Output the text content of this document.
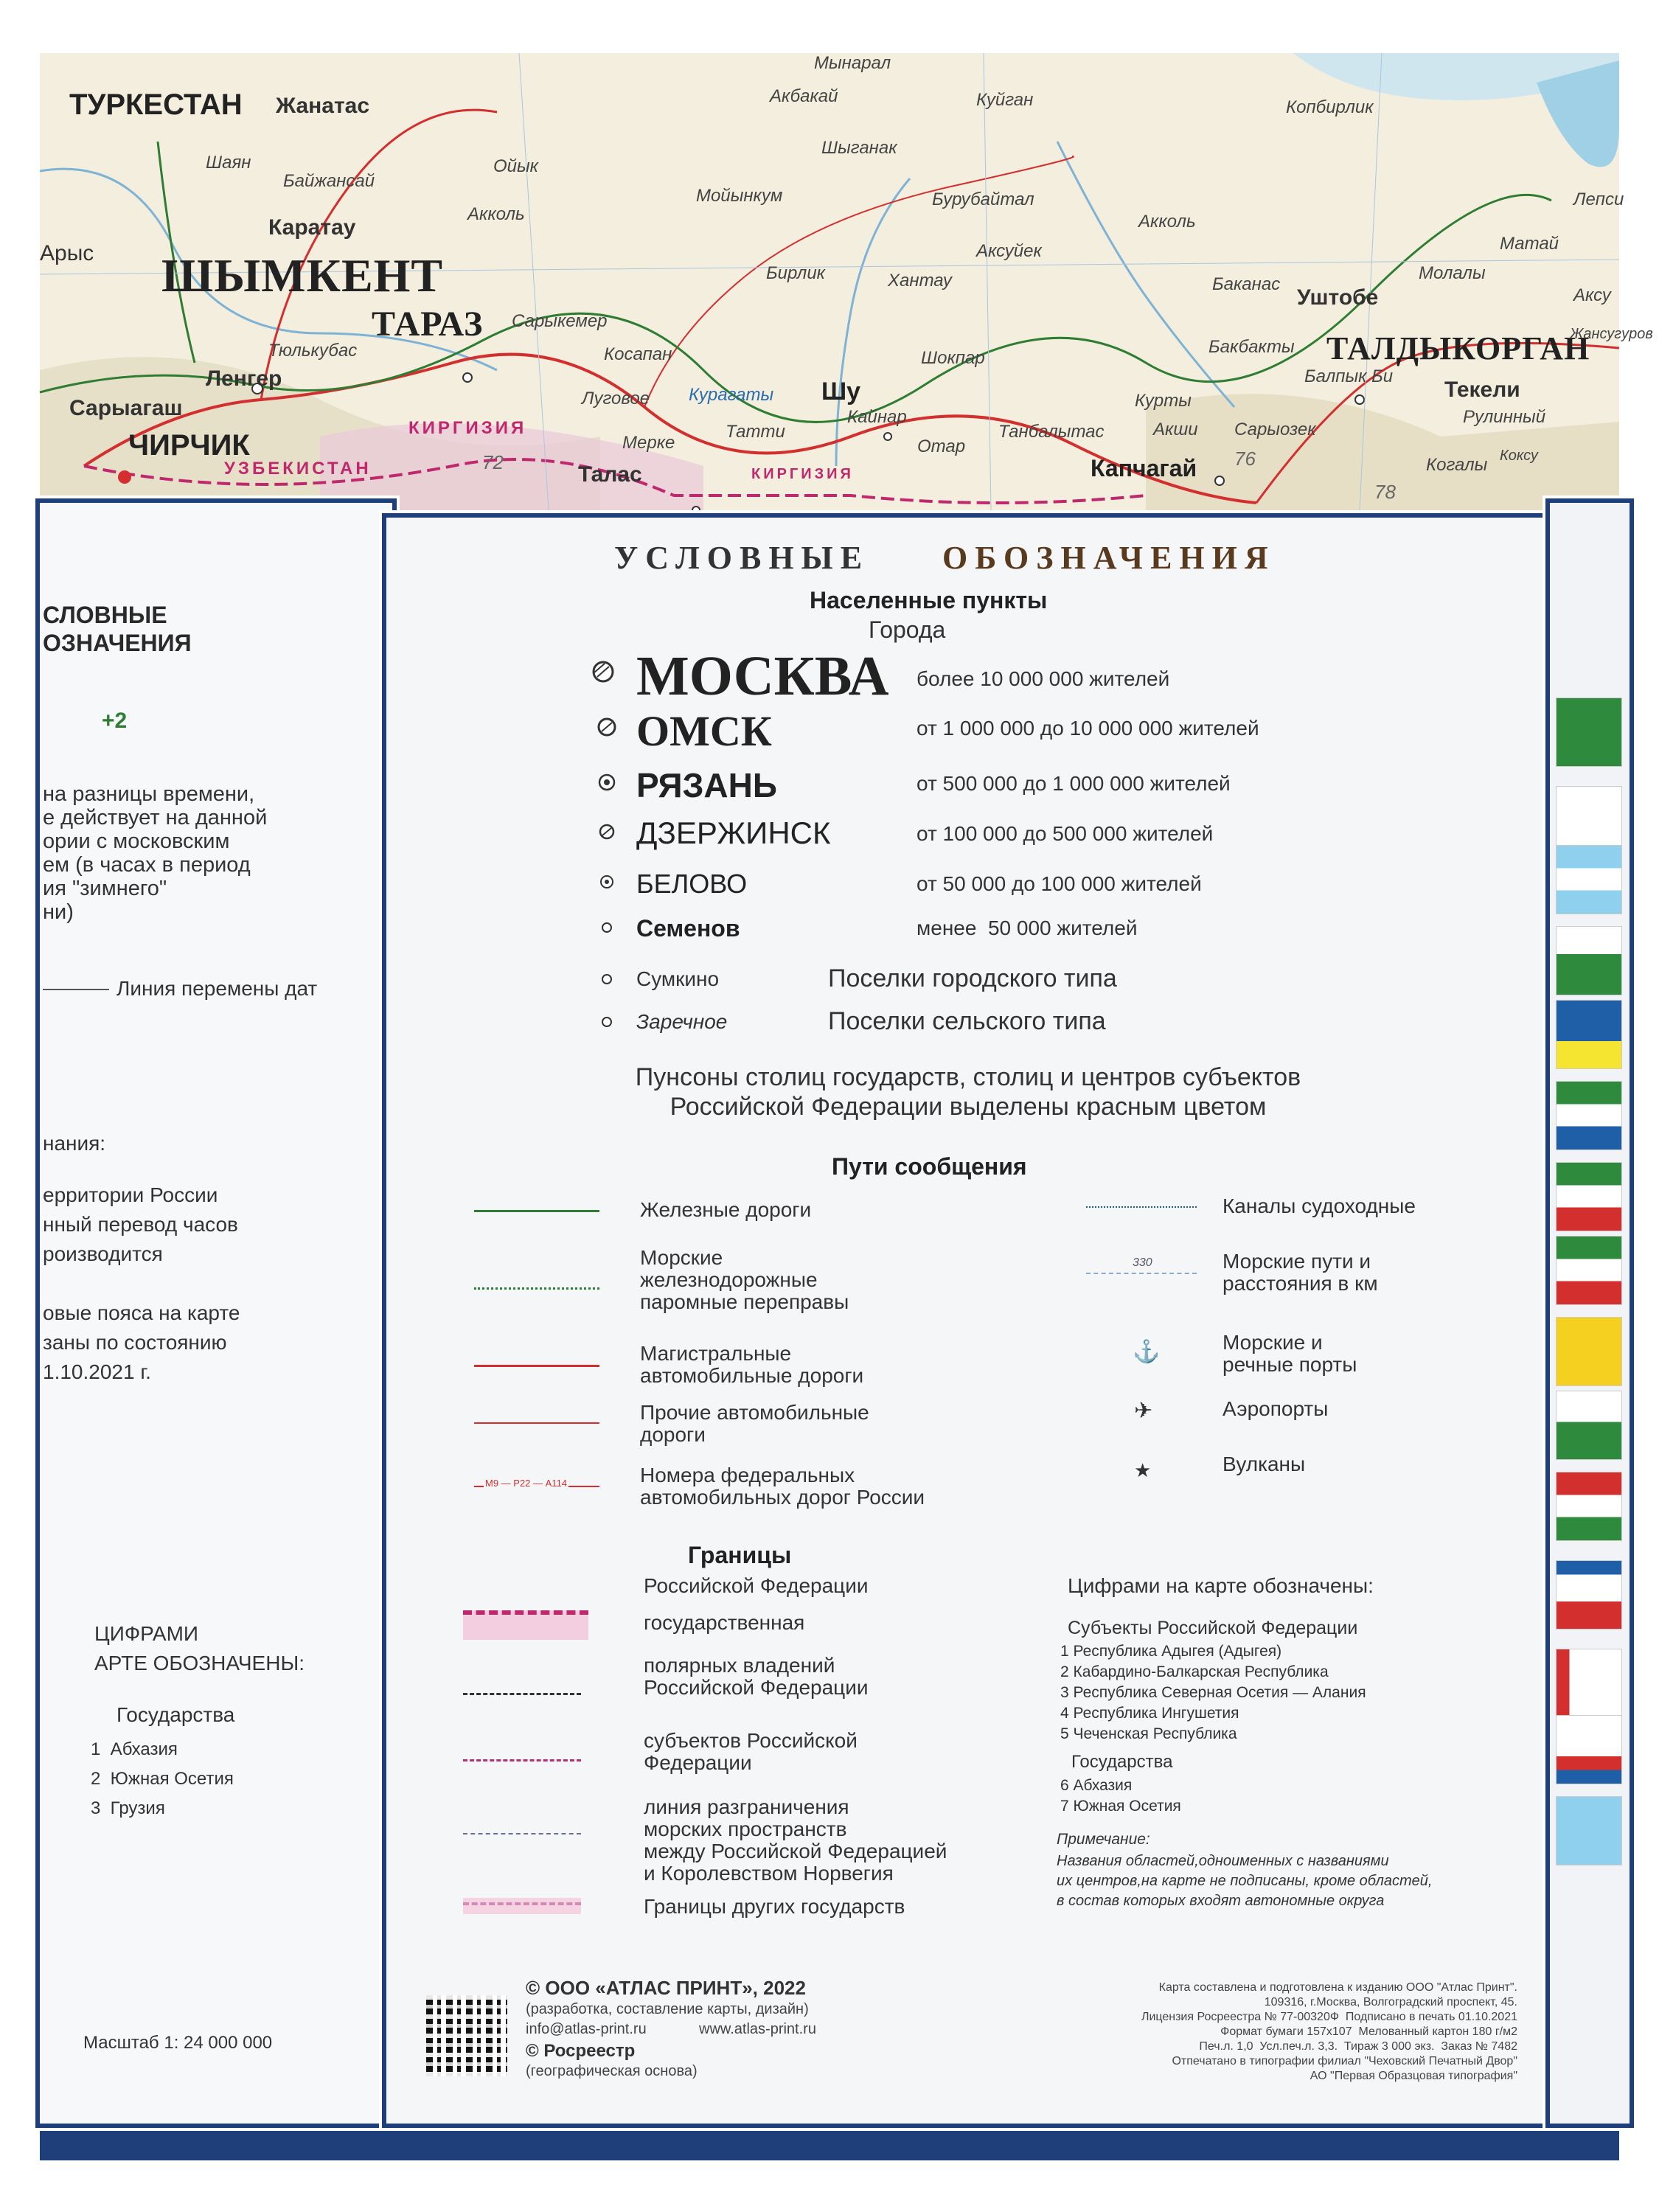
ТУРКЕСТАН Жанатас
Шаян
Байжансай
Ойык
Акколь
Каратау
Арыс ШЫМКЕНТ
ТАРАЗ
Тюлькубас
Сарыкемер
Косапан
Ленгер
Сарыагаш
ЧИРЧИК
КИРГИЗИЯ
УЗБЕКИСТАН
Луговое Курагаты
Мерке
Татти
Талас	КИРГИЗИЯ
Шу
Кайнар
Шокпар
Отар
Танбалытас	Акши Сарыозек
Курты
Капчагай
ТАЛДЫКОРГАН
Текели
Уштобе
Балпык Би
Бакбакты
Баканас
Хантау
Бирлик
Мойынкум
Аксуйек
Акколь
Шыганак
Акбакай
Мынарал
Копбирлик
Молалы
Матай
Лепси
Аксу
Жансугуров
Рулинный
Когалы Коксу
Бурубайтал
Куйган
72	76
78
СЛОВНЫЕ
ОЗНАЧЕНИЯ
+2
на разницы времени,
е действует на данной
ории с московским
ем (в часах в период
ия "зимнего"
ни)
Линия перемены дат
нания:
ерритории России
нный перевод часов
роизводится

овые пояса на карте
заны по состоянию
1.10.2021 г.
ЦИФРАМИ
АРТЕ ОБОЗНАЧЕНЫ:
Государства
1  Абхазия
2  Южная Осетия
3  Грузия
Масштаб 1: 24 000 000
УСЛОВНЫЕ ОБОЗНАЧЕНИЯ
Населенные пункты
Города
МОСКВА более 10 000 000 жителей
ОМСК	от 1 000 000 до 10 000 000 жителей
РЯЗАНЬ	от 500 000 до 1 000 000 жителей
ДЗЕРЖИНСК	от 100 000 до 500 000 жителей
БЕЛОВО	от 50 000 до 100 000 жителей
Семенов	менее  50 000 жителей
Сумкино	Поселки городского типа
Заречное	Поселки сельского типа
Пунсоны столиц государств, столиц и центров субъектов
Российской Федерации выделены красным цветом
Пути сообщения
М9 — Р22 — А114
Железные дороги
Морские
железнодорожные
паромные переправы
Магистральные
автомобильные дороги
Прочие автомобильные
дороги
Номера федеральных
автомобильных дорог России
330
⚓
✈
★
Каналы судоходные
Морские пути и
расстояния в км
Морские и
речные порты
Аэропорты
Вулканы
Границы
Российской Федерации
государственная
полярных владений
Российской Федерации
субъектов Российской
Федерации
линия разграничения
морских пространств
между Российской Федерацией
и Королевством Норвегия
Границы других государств
Цифрами на карте обозначены:
Субъекты Российской Федерации
1 Республика Адыгея (Адыгея)
2 Кабардино-Балкарская Республика
3 Республика Северная Осетия — Алания
4 Республика Ингушетия
5 Чеченская Республика
Государства
6 Абхазия
7 Южная Осетия
Примечание:
Названия областей,одноименных с названиями
их центров,на карте не подписаны, кроме областей,
в состав которых входят автономные округа
© ООО «АТЛАС ПРИНТ», 2022
(разработка, составление карты, дизайн)
info@atlas-print.ru	www.atlas-print.ru
© Росреестр
(географическая основа)
Карта составлена и подготовлена к изданию ООО "Атлас Принт".
109316, г.Москва, Волгоградский проспект, 45.
Лицензия Росреестра № 77-00320Ф  Подписано в печать 01.10.2021
Формат бумаги 157х107  Мелованный картон 180 г/м2
Печ.л. 1,0  Усл.печ.л. 3,3.  Тираж 3 000 экз.  Заказ № 7482
Отпечатано в типографии филиал "Чеховский Печатный Двор"
АО "Первая Образцовая типография"
